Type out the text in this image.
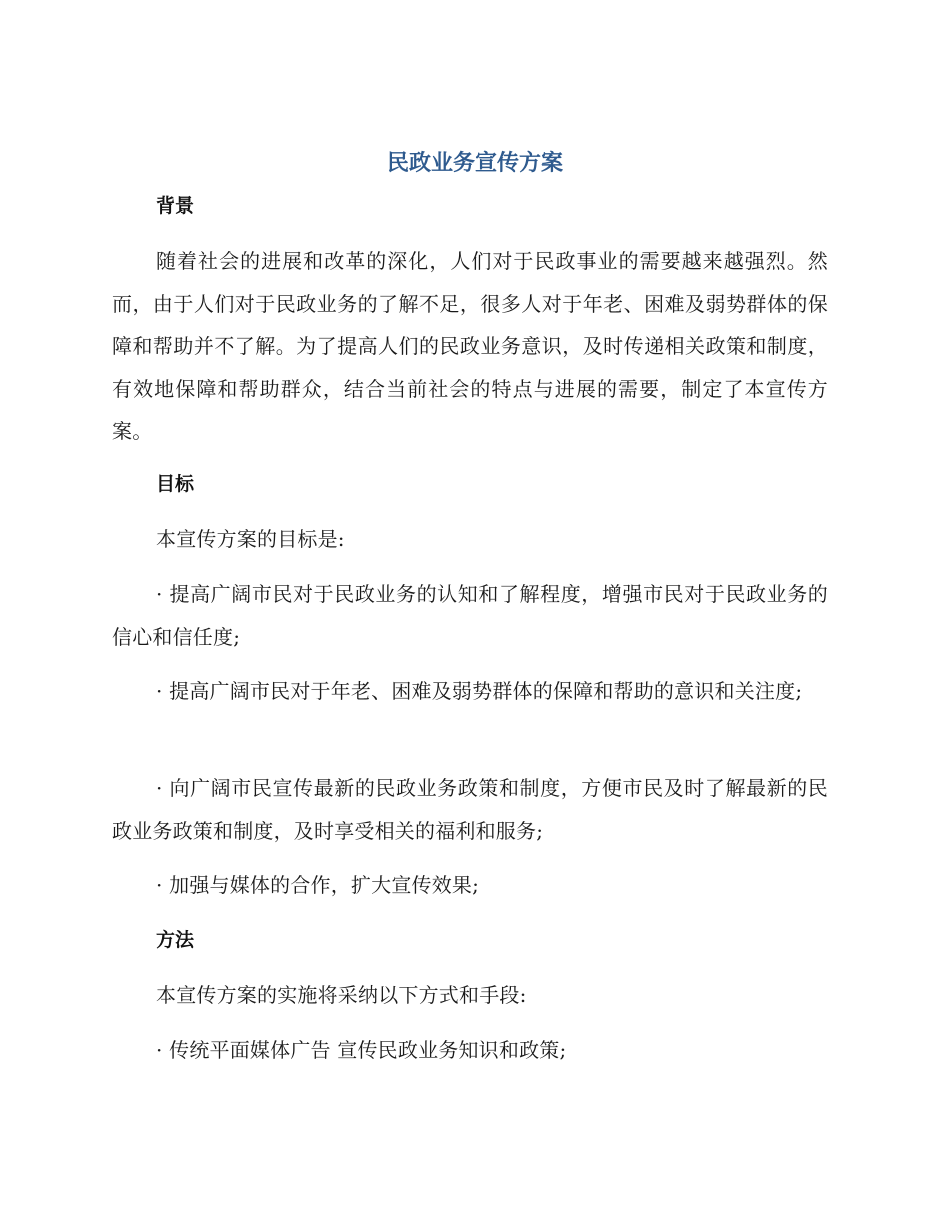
民政业务宣传方案
背景

随着社会的进展和改革的深化，人们对于民政事业的需要越来越强烈。然而，由于人们对于民政业务的了解不足，很多人对于年老、困难及弱势群体的保障和帮助并不了解。为了提高人们的民政业务意识，及时传递相关政策和制度，有效地保障和帮助群众，结合当前社会的特点与进展的需要，制定了本宣传方案。

目标

本宣传方案的目标是:

· 提高广阔市民对于民政业务的认知和了解程度，增强市民对于民政业务的信心和信任度;

· 提高广阔市民对于年老、困难及弱势群体的保障和帮助的意识和关注度;

· 向广阔市民宣传最新的民政业务政策和制度，方便市民及时了解最新的民政业务政策和制度，及时享受相关的福利和服务;

· 加强与媒体的合作，扩大宣传效果;

方法

本宣传方案的实施将采纳以下方式和手段:

· 传统平面媒体广告 宣传民政业务知识和政策;
